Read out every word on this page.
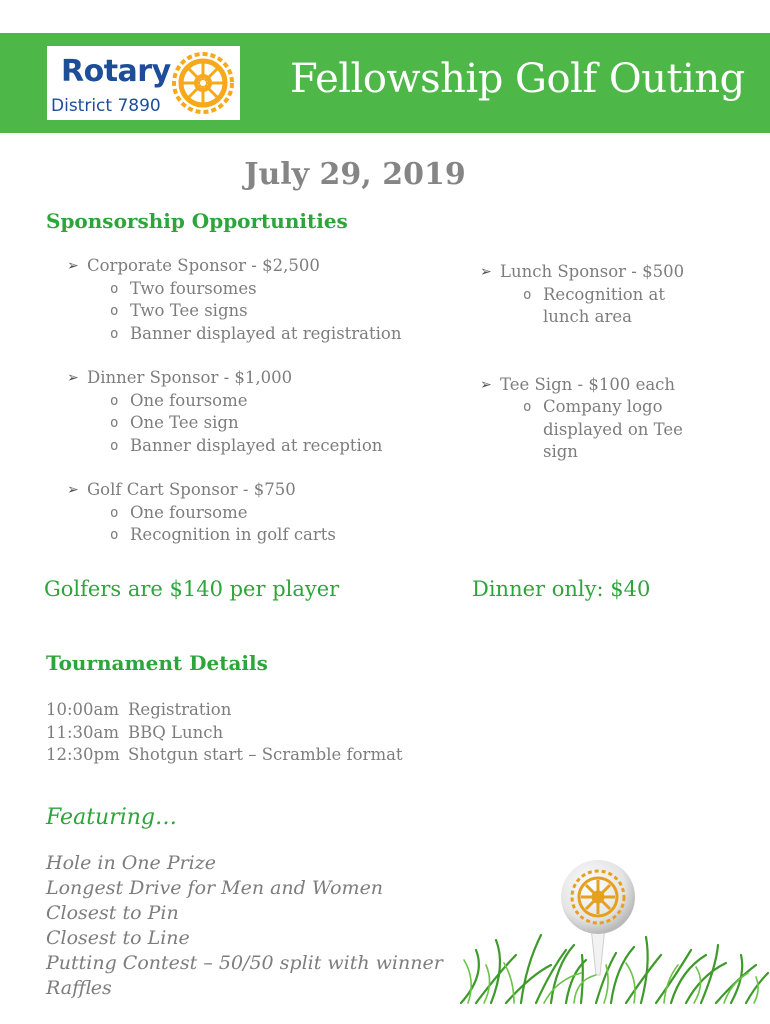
Rotary
District 7890
Fellowship Golf Outing
July 29, 2019
Sponsorship Opportunities
➢ Corporate Sponsor - $2,500
o Two foursomes
o Two Tee signs
o Banner displayed at registration
➢ Dinner Sponsor - $1,000
o One foursome
o One Tee sign
o Banner displayed at reception
➢ Golf Cart Sponsor - $750
o One foursome
o Recognition in golf carts
➢ Lunch Sponsor - $500
o Recognition at lunch area
➢ Tee Sign - $100 each
o Company logo displayed on Tee sign
Golfers are $140 per player	Dinner only: $40
Tournament Details
10:00am Registration
11:30am BBQ Lunch
12:30pm Shotgun start – Scramble format
Featuring…
Hole in One Prize
Longest Drive for Men and Women
Closest to Pin
Closest to Line
Putting Contest – 50/50 split with winner
Raffles
